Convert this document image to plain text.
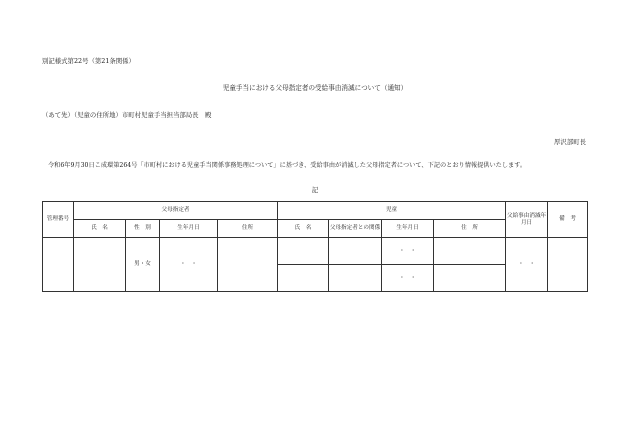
別記様式第22号（第21条関係）
児童手当における父母指定者の受給事由消滅について（通知）
（あて先）（児童の住所地）市町村児童手当担当部局長　殿
厚沢部町長
令和6年9月30日こ成環第264号「市町村における児童手当関係事務処理について」に基づき、受給事由が消滅した父母指定者について、下記のとおり情報提供いたします。
記
管理番号	父母指定者				児童				父給事由消滅年月日	備　考
	氏　名	性　別	生年月日	住所	氏　名	父母指定者との関係	生年月日	住　所		
		男・女	・　・				・　・		・　・	
							・　・			
